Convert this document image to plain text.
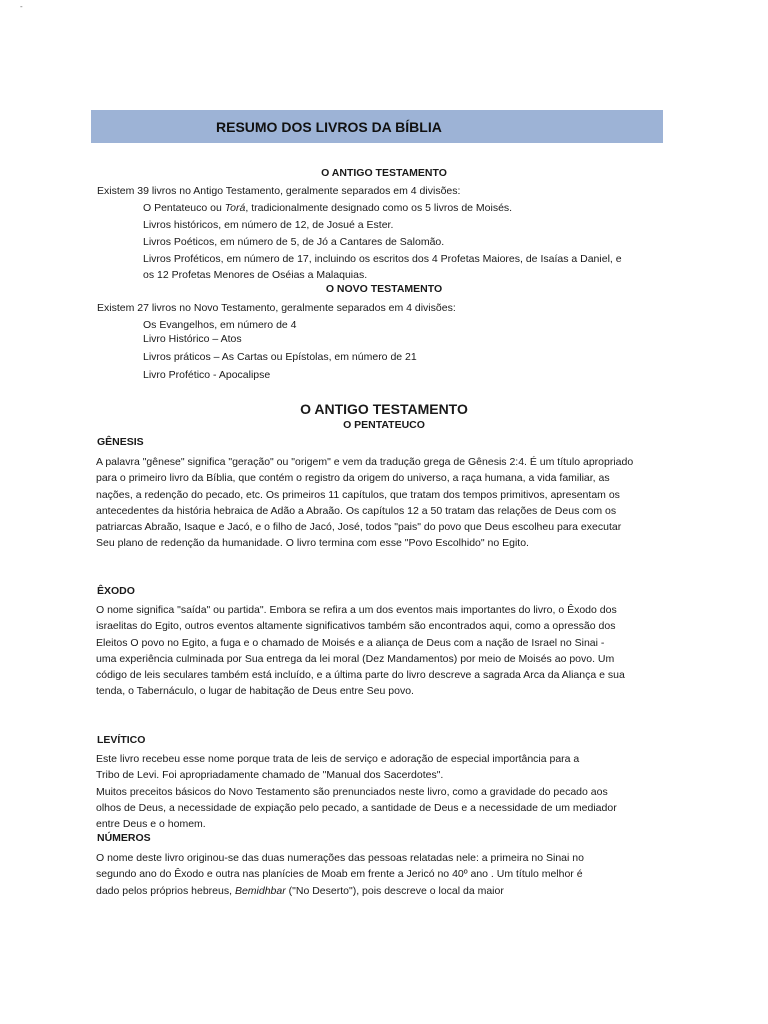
-
RESUMO DOS LIVROS DA BÍBLIA
O ANTIGO TESTAMENTO
Existem 39 livros no Antigo Testamento, geralmente separados em 4 divisões:
O Pentateuco ou Torá, tradicionalmente designado como os 5 livros de Moisés.
Livros históricos, em número de 12, de Josué a Ester.
Livros Poéticos, em número de 5, de Jó a Cantares de Salomão.
Livros Proféticos, em número de 17, incluindo os escritos dos 4 Profetas Maiores, de Isaías a Daniel, e
os 12 Profetas Menores de Oséias a Malaquias.
O NOVO TESTAMENTO
Existem 27 livros no Novo Testamento, geralmente separados em 4 divisões:
Os Evangelhos, em número de 4
Livro Histórico – Atos
Livros práticos – As Cartas ou Epístolas, em número de 21
Livro Profético - Apocalipse
O ANTIGO TESTAMENTO
O PENTATEUCO
GÊNESIS
A palavra "gênese" significa "geração" ou "origem" e vem da tradução grega de Gênesis 2:4. É um título apropriado
para o primeiro livro da Bíblia, que contém o registro da origem do universo, a raça humana, a vida familiar, as
nações, a redenção do pecado, etc. Os primeiros 11 capítulos, que tratam dos tempos primitivos, apresentam os
antecedentes da história hebraica de Adão a Abraão. Os capítulos 12 a 50 tratam das relações de Deus com os
patriarcas Abraão, Isaque e Jacó, e o filho de Jacó, José, todos "pais" do povo que Deus escolheu para executar
Seu plano de redenção da humanidade. O livro termina com esse "Povo Escolhido" no Egito.
ÊXODO
O nome significa "saída" ou partida". Embora se refira a um dos eventos mais importantes do livro, o Êxodo dos
israelitas do Egito, outros eventos altamente significativos também são encontrados aqui, como a opressão dos
Eleitos O povo no Egito, a fuga e o chamado de Moisés e a aliança de Deus com a nação de Israel no Sinai -
uma experiência culminada por Sua entrega da lei moral (Dez Mandamentos) por meio de Moisés ao povo. Um
código de leis seculares também está incluído, e a última parte do livro descreve a sagrada Arca da Aliança e sua
tenda, o Tabernáculo, o lugar de habitação de Deus entre Seu povo.
LEVÍTICO
Este livro recebeu esse nome porque trata de leis de serviço e adoração de especial importância para a
Tribo de Levi. Foi apropriadamente chamado de "Manual dos Sacerdotes".
Muitos preceitos básicos do Novo Testamento são prenunciados neste livro, como a gravidade do pecado aos
olhos de Deus, a necessidade de expiação pelo pecado, a santidade de Deus e a necessidade de um mediador
entre Deus e o homem.
NÚMEROS
O nome deste livro originou-se das duas numerações das pessoas relatadas nele: a primeira no Sinai no
segundo ano do Êxodo e outra nas planícies de Moab em frente a Jericó no 40º ano . Um título melhor é
dado pelos próprios hebreus, Bemidhbar ("No Deserto"), pois descreve o local da maior
